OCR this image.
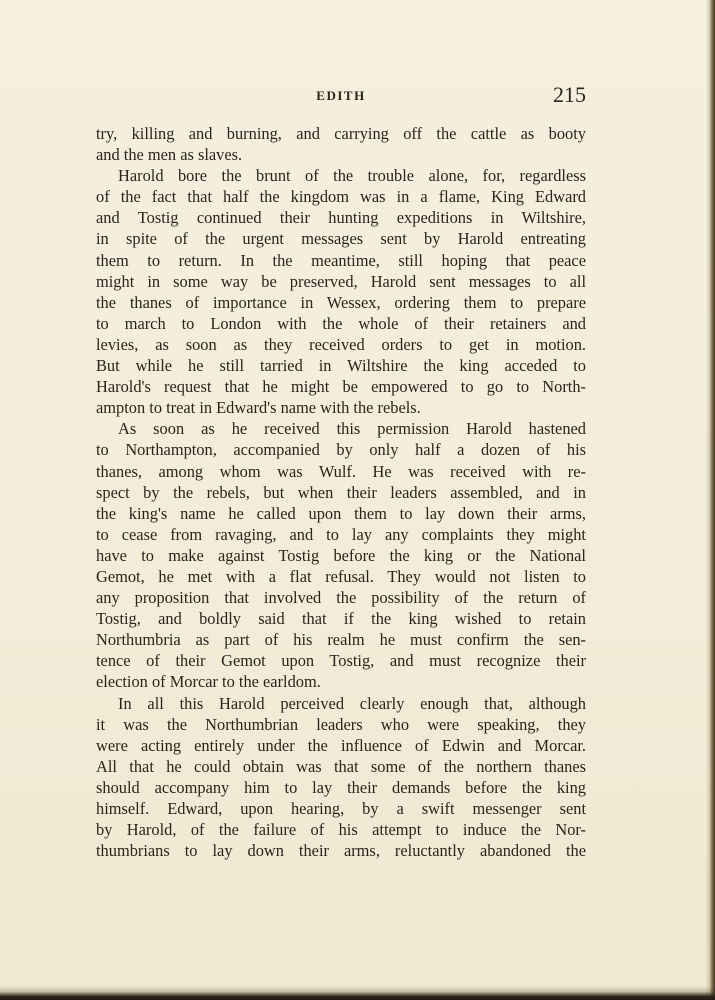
EDITH	215
try, killing and burning, and carrying off the cattle as booty
and the men as slaves.
Harold bore the brunt of the trouble alone, for, regardless
of the fact that half the kingdom was in a flame, King Edward
and Tostig continued their hunting expeditions in Wiltshire,
in spite of the urgent messages sent by Harold entreating
them to return. In the meantime, still hoping that peace
might in some way be preserved, Harold sent messages to all
the thanes of importance in Wessex, ordering them to prepare
to march to London with the whole of their retainers and
levies, as soon as they received orders to get in motion.
But while he still tarried in Wiltshire the king acceded to
Harold's request that he might be empowered to go to North-
ampton to treat in Edward's name with the rebels.
As soon as he received this permission Harold hastened
to Northampton, accompanied by only half a dozen of his
thanes, among whom was Wulf. He was received with re-
spect by the rebels, but when their leaders assembled, and in
the king's name he called upon them to lay down their arms,
to cease from ravaging, and to lay any complaints they might
have to make against Tostig before the king or the National
Gemot, he met with a flat refusal. They would not listen to
any proposition that involved the possibility of the return of
Tostig, and boldly said that if the king wished to retain
Northumbria as part of his realm he must confirm the sen-
tence of their Gemot upon Tostig, and must recognize their
election of Morcar to the earldom.
In all this Harold perceived clearly enough that, although
it was the Northumbrian leaders who were speaking, they
were acting entirely under the influence of Edwin and Morcar.
All that he could obtain was that some of the northern thanes
should accompany him to lay their demands before the king
himself. Edward, upon hearing, by a swift messenger sent
by Harold, of the failure of his attempt to induce the Nor-
thumbrians to lay down their arms, reluctantly abandoned the
